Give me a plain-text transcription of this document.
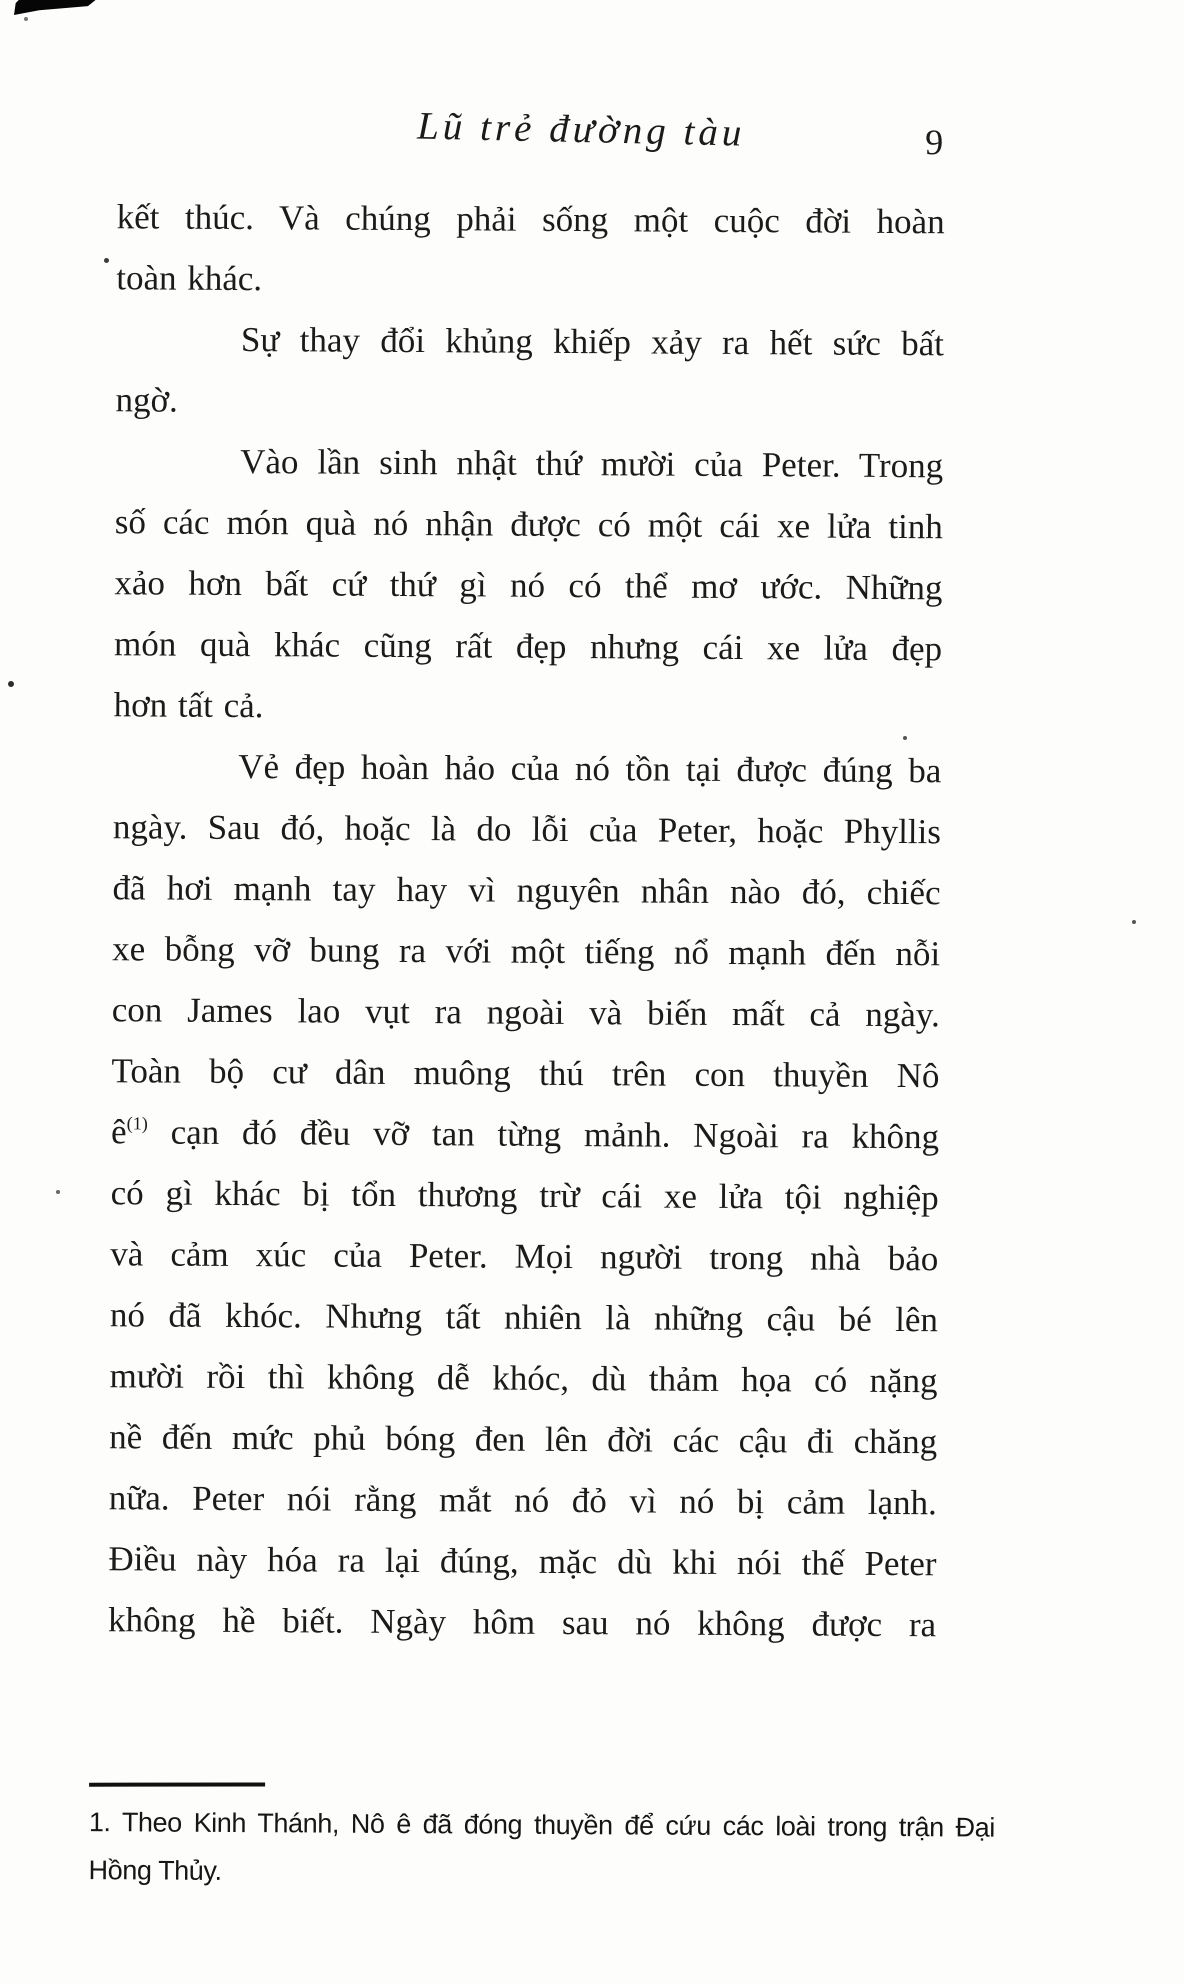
Lũ trẻ đường tàu	9
kết thúc. Và chúng phải sống một cuộc đời hoàn
toàn khác.
Sự thay đổi khủng khiếp xảy ra hết sức bất
ngờ.
Vào lần sinh nhật thứ mười của Peter. Trong
số các món quà nó nhận được có một cái xe lửa tinh
xảo hơn bất cứ thứ gì nó có thể mơ ước. Những
món quà khác cũng rất đẹp nhưng cái xe lửa đẹp
hơn tất cả.
Vẻ đẹp hoàn hảo của nó tồn tại được đúng ba
ngày. Sau đó, hoặc là do lỗi của Peter, hoặc Phyllis
đã hơi mạnh tay hay vì nguyên nhân nào đó, chiếc
xe bỗng vỡ bung ra với một tiếng nổ mạnh đến nỗi
con James lao vụt ra ngoài và biến mất cả ngày.
Toàn bộ cư dân muông thú trên con thuyền Nô
$ê^{(1)}$ cạn đó đều vỡ tan từng mảnh. Ngoài ra không
có gì khác bị tổn thương trừ cái xe lửa tội nghiệp
và cảm xúc của Peter. Mọi người trong nhà bảo
nó đã khóc. Nhưng tất nhiên là những cậu bé lên
mười rồi thì không dễ khóc, dù thảm họa có nặng
nề đến mức phủ bóng đen lên đời các cậu đi chăng
nữa. Peter nói rằng mắt nó đỏ vì nó bị cảm lạnh.
Điều này hóa ra lại đúng, mặc dù khi nói thế Peter
không hề biết. Ngày hôm sau nó không được ra
1. Theo Kinh Thánh, Nô ê đã đóng thuyền để cứu các loài trong trận Đại
Hồng Thủy.
